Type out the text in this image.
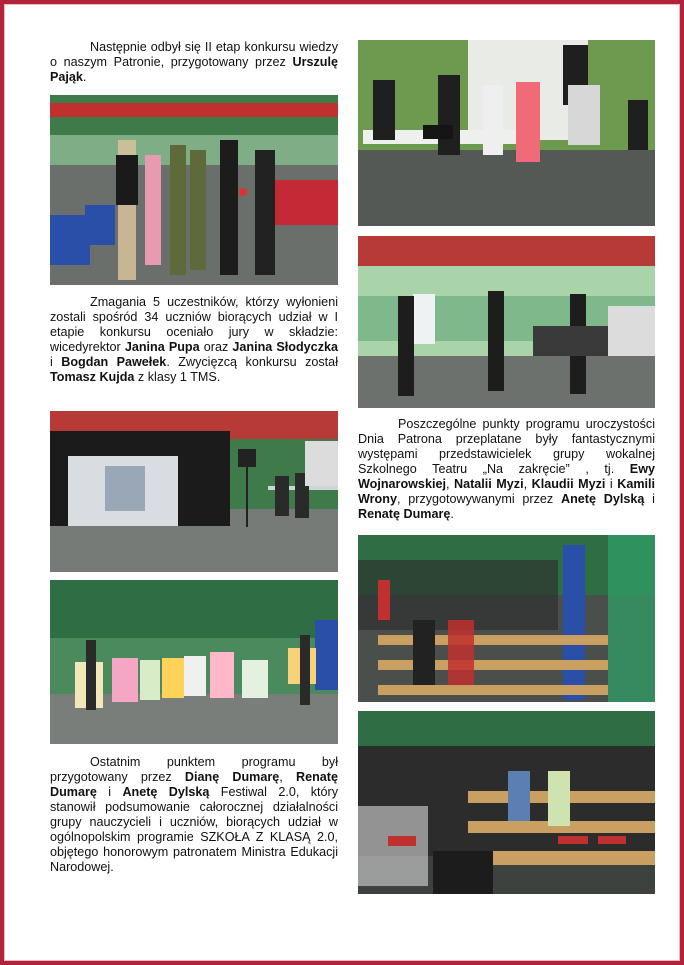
Następnie odbył się II etap konkursu wiedzy o naszym Patronie, przygotowany przez Urszulę Pająk.

Zmagania 5 uczestników, którzy wyłonieni zostali spośród 34 uczniów biorących udział w I etapie konkursu oceniało jury w składzie: wicedyrektor Janina Pupa oraz Janina Słodyczka i Bogdan Pawełek. Zwycięzcą konkursu został Tomasz Kujda z klasy 1 TMS.

Ostatnim punktem programu był przygotowany przez Dianę Dumarę, Renatę Dumarę i Anetę Dylską Festiwal 2.0, który stanowił podsumowanie całorocznej działalności grupy nauczycieli i uczniów, biorących udział w ogólnopolskim programie SZKOŁA Z KLASĄ 2.0, objętego honorowym patronatem Ministra Edukacji Narodowej.

Poszczególne punkty programu uroczystości Dnia Patrona przeplatane były fantastycznymi występami przedstawicielek grupy wokalnej Szkolnego Teatru „Na zakręcie” , tj. Ewy Wojnarowskiej, Natalii Myzi, Klaudii Myzi i Kamili Wrony, przygotowywanymi przez Anetę Dylską i Renatę Dumarę.
